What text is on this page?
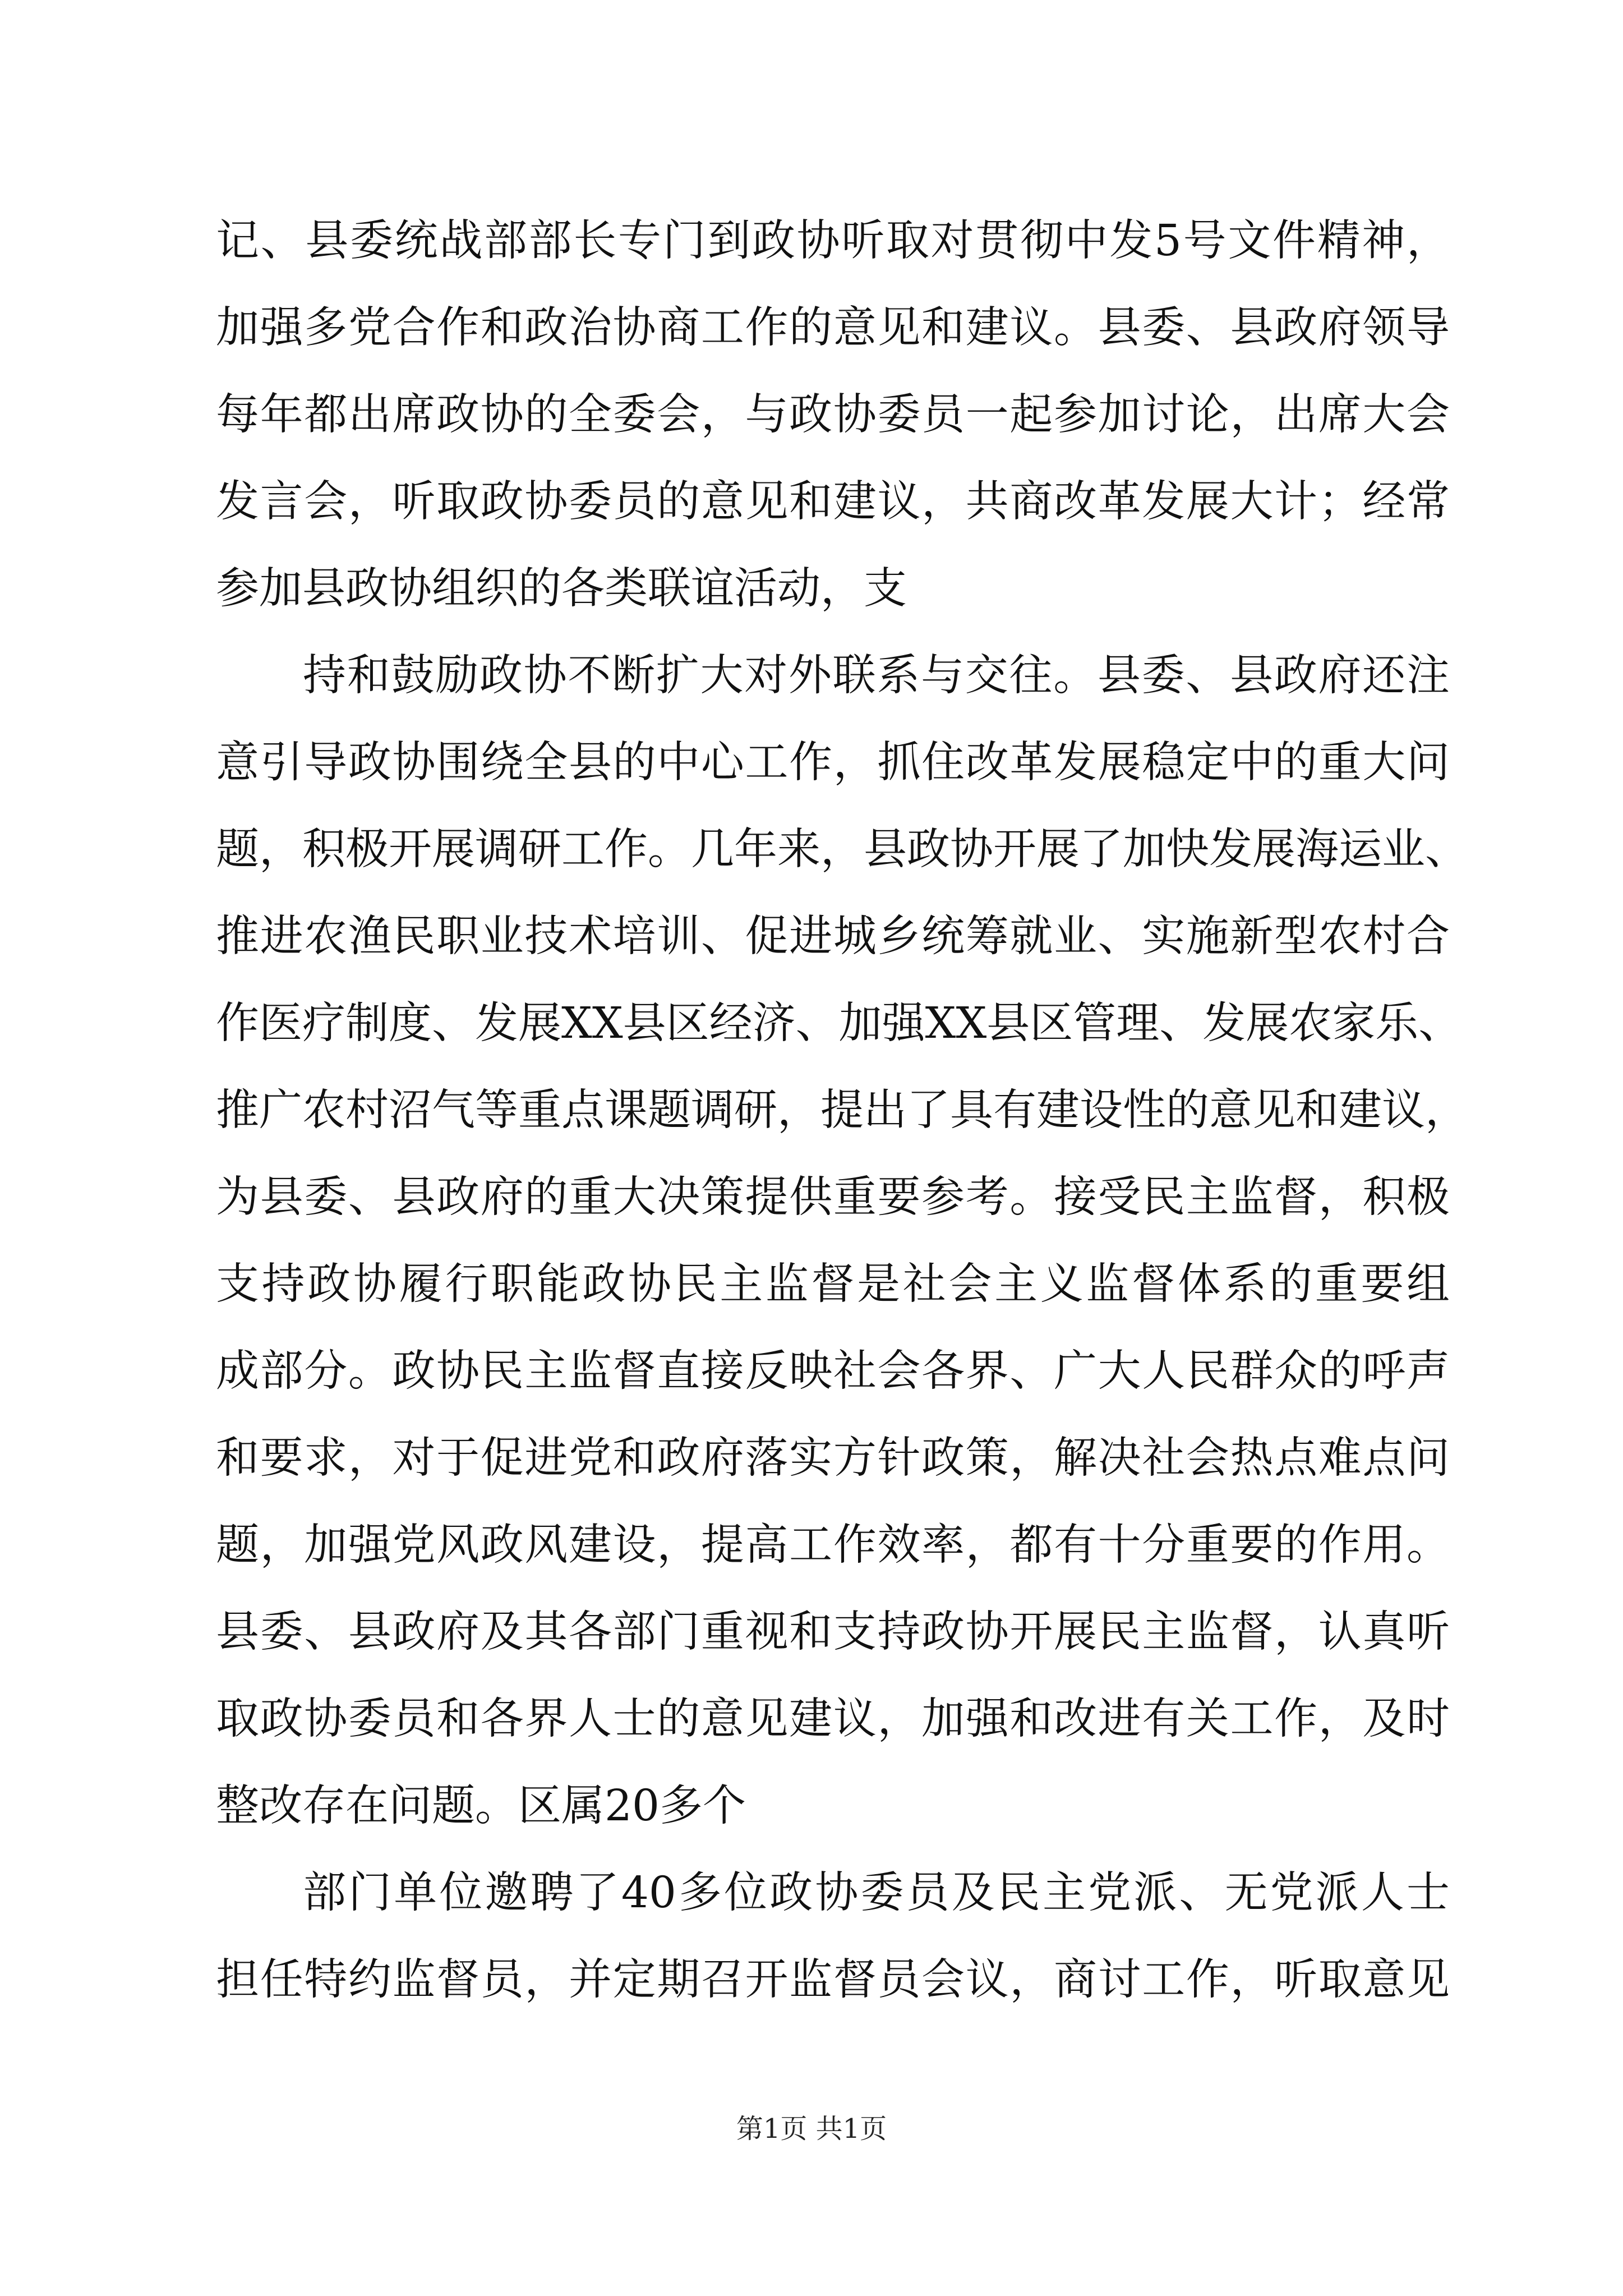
记、县委统战部部长专门到政协听取对贯彻中发5号文件精神，
加强多党合作和政治协商工作的意见和建议。县委、县政府领导
每年都出席政协的全委会，与政协委员一起参加讨论，出席大会
发言会，听取政协委员的意见和建议，共商改革发展大计；经常
参加县政协组织的各类联谊活动，支
持和鼓励政协不断扩大对外联系与交往。县委、县政府还注
意引导政协围绕全县的中心工作，抓住改革发展稳定中的重大问
题，积极开展调研工作。几年来，县政协开展了加快发展海运业、
推进农渔民职业技术培训、促进城乡统筹就业、实施新型农村合
作医疗制度、发展XX县区经济、加强XX县区管理、发展农家乐、
推广农村沼气等重点课题调研，提出了具有建设性的意见和建议，
为县委、县政府的重大决策提供重要参考。接受民主监督，积极
支持政协履行职能政协民主监督是社会主义监督体系的重要组
成部分。政协民主监督直接反映社会各界、广大人民群众的呼声
和要求，对于促进党和政府落实方针政策，解决社会热点难点问
题，加强党风政风建设，提高工作效率，都有十分重要的作用。
县委、县政府及其各部门重视和支持政协开展民主监督，认真听
取政协委员和各界人士的意见建议，加强和改进有关工作，及时
整改存在问题。区属20多个
部门单位邀聘了40多位政协委员及民主党派、无党派人士
担任特约监督员，并定期召开监督员会议，商讨工作，听取意见
第1页 共1页
